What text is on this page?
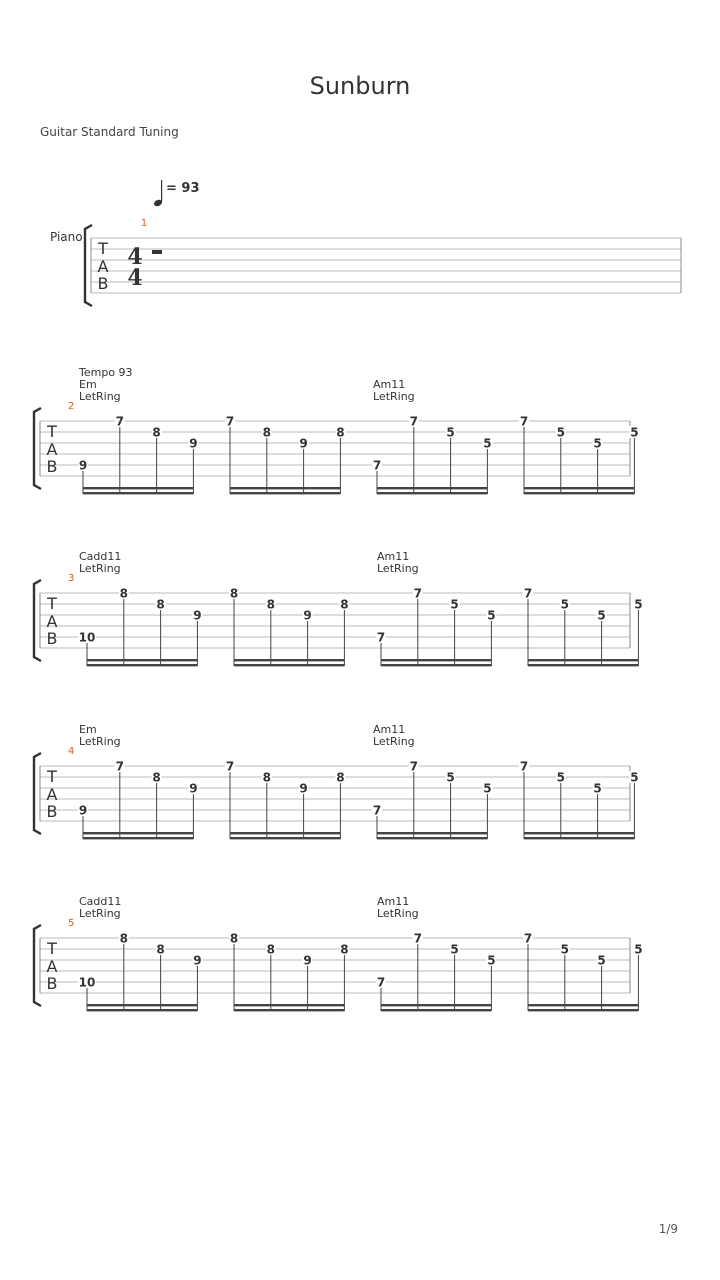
Sunburn
Guitar Standard Tuning
= 93
Piano
Tempo 93
Em
LetRing
Am11
LetRing
Cadd11
LetRing
Am11
LetRing
Em
LetRing
Am11
LetRing
Cadd11
LetRing
Am11
LetRing
T
A
B
1
4
4
T
A
B
2
9
7
8
9
7
8
9
8
7
7
5
5
7
5
5
5
T
A
B
3
10
8
8
9
8
8
9
8
7
7
5
5
7
5
5
5
T
A
B
4
9
7
8
9
7
8
9
8
7
7
5
5
7
5
5
5
T
A
B
5
10
8
8
9
8
8
9
8
7
7
5
5
7
5
5
5
1/9
